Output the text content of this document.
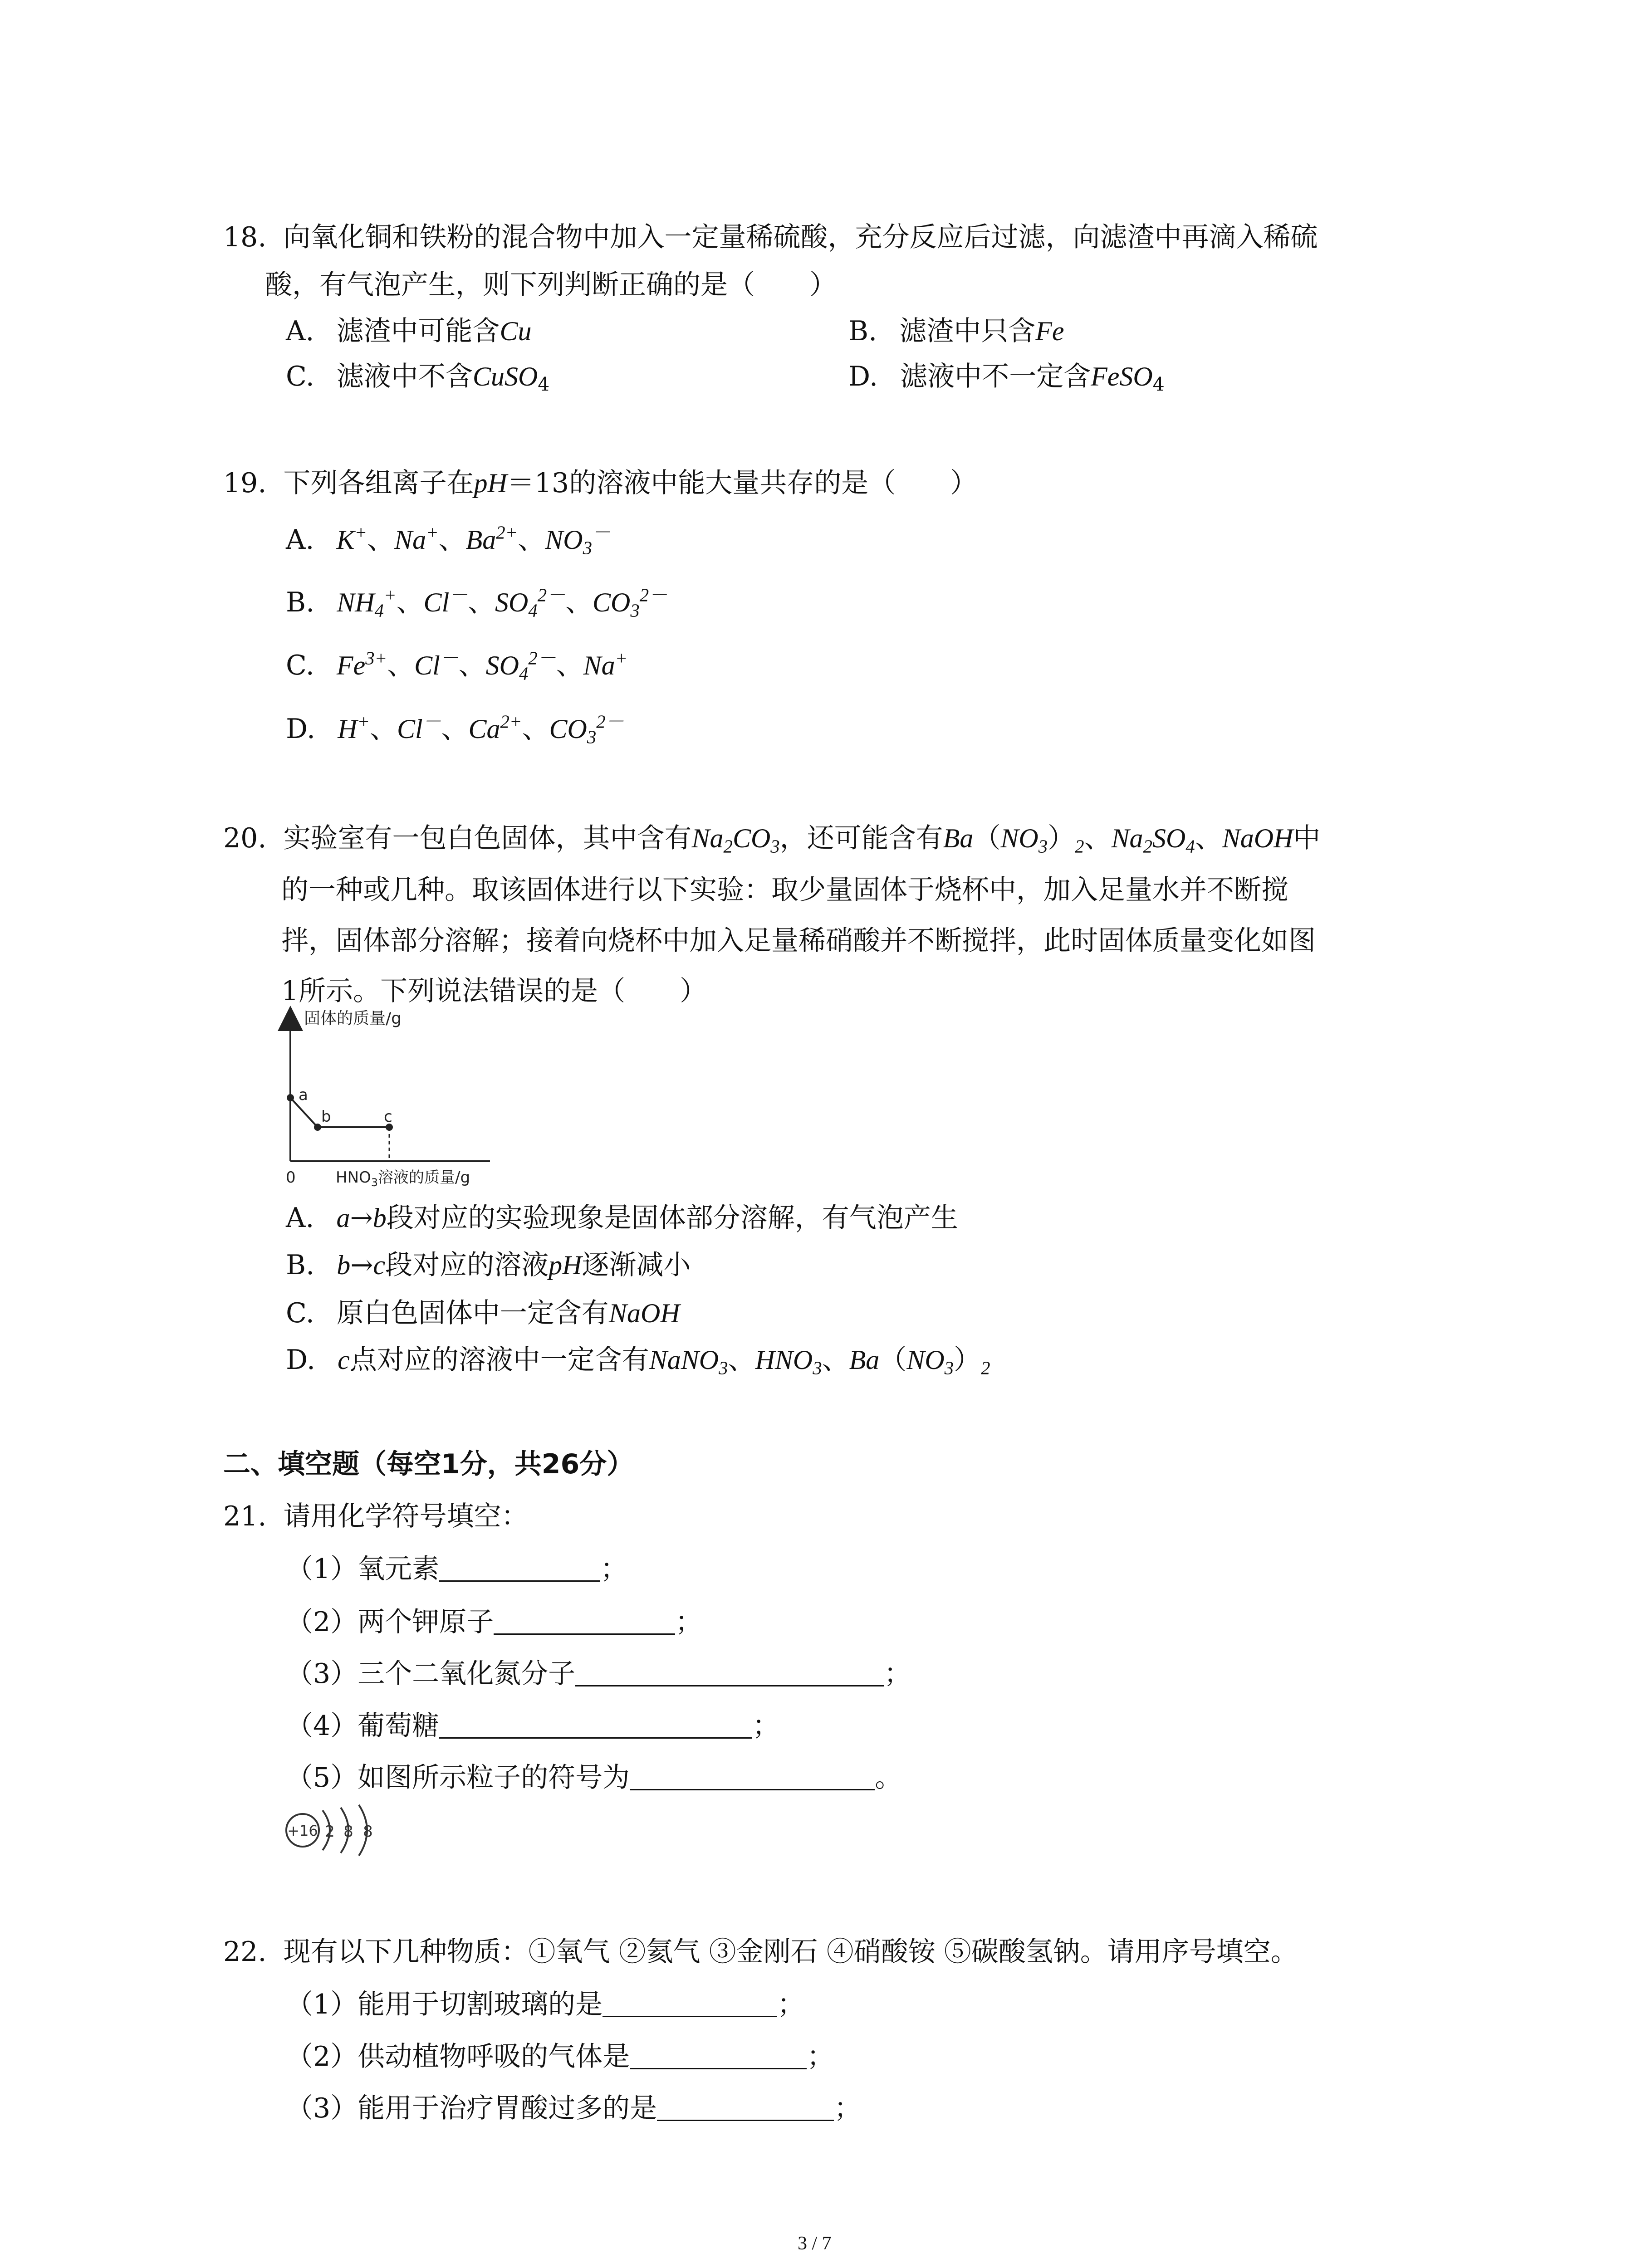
18. 向氧化铜和铁粉的混合物中加入一定量稀硫酸，充分反应后过滤，向滤渣中再滴入稀硫
酸，有气泡产生，则下列判断正确的是（　　）
A. 滤渣中可能含Cu	B. 滤渣中只含Fe
C. 滤液中不含CuSO$_4$	D. 滤液中不一定含FeSO$_4$
19. 下列各组离子在pH＝13的溶液中能大量共存的是（　　）
A. K+、Na+、$Ba^{2+}$、$NO_3^-$
B. $NH_4^+$、Cl－、$SO_4^{2-}$、$CO_3^{2-}$
C. $Fe^{3+}$、Cl－、$SO_4^{2-}$、Na+
D. H+、Cl－、$Ca^{2+}$、$CO_3^{2-}$
20. 实验室有一包白色固体，其中含有$Na_2CO_3$，还可能含有$Ba(NO_3)_2$、$Na_2SO_4$、NaOH中
的一种或几种。取该固体进行以下实验：取少量固体于烧杯中，加入足量水并不断搅
拌，固体部分溶解；接着向烧杯中加入足量稀硝酸并不断搅拌，此时固体质量变化如图
1所示。下列说法错误的是（　　）
固体的质量/g
0	$HNO_3$溶液的质量/g
a
b	c
A. a→b段对应的实验现象是固体部分溶解，有气泡产生
B. b→c段对应的溶液pH逐渐减小
C. 原白色固体中一定含有NaOH
D. c点对应的溶液中一定含有NaNO$_3$、$HNO_3$、$Ba(NO_3)_2$
二、填空题（每空1分，共26分）
21. 请用化学符号填空：
（1）氧元素	；
（2）两个钾原子	；
（3）三个二氧化氮分子	；
（4）葡萄糖	；
（5）如图所示粒子的符号为	。
+16 2 8 8
22. 现有以下几种物质：①氧气 ②氦气 ③金刚石 ④硝酸铵 ⑤碳酸氢钠。请用序号填空。
（1）能用于切割玻璃的是	；
（2）供动植物呼吸的气体是	；
（3）能用于治疗胃酸过多的是	；
3 / 7
